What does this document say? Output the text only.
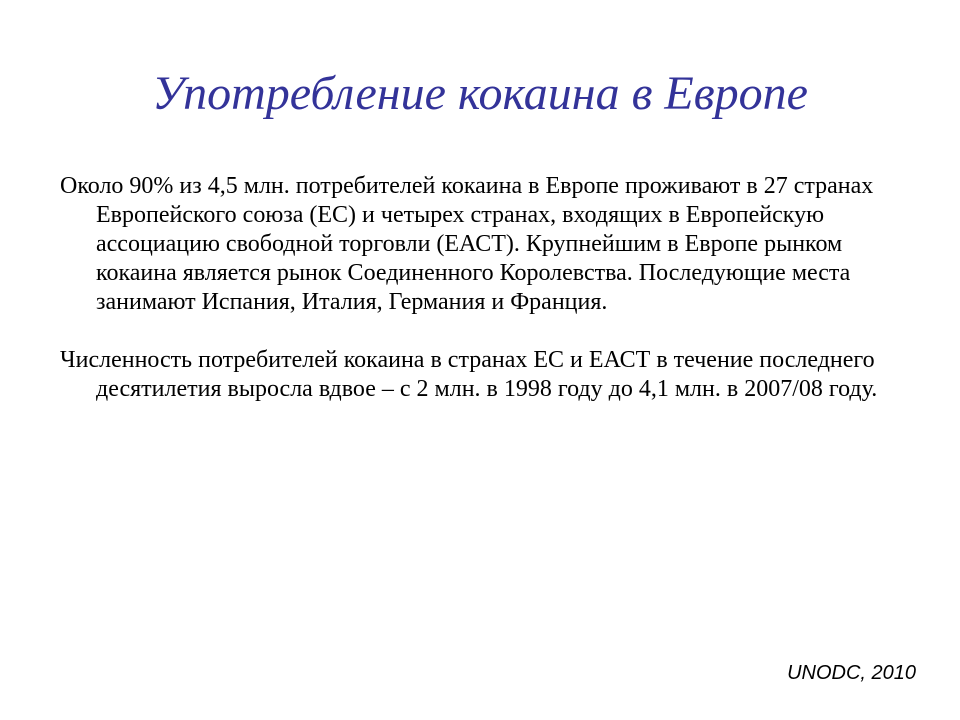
Употребление кокаина в Европе

Около 90% из 4,5 млн. потребителей кокаина в Европе проживают в 27 странах Европейского союза (ЕС) и четырех странах, входящих в Европейскую ассоциацию свободной торговли (ЕАСТ). Крупнейшим в Европе рынком кокаина является рынок Соединенного Королевства. Последующие места занимают Испания, Италия, Германия и Франция.

Численность потребителей кокаина в странах ЕС и ЕАСТ в течение последнего десятилетия выросла вдвое – с 2 млн. в 1998 году до 4,1 млн. в 2007/08 году.

UNODC, 2010
